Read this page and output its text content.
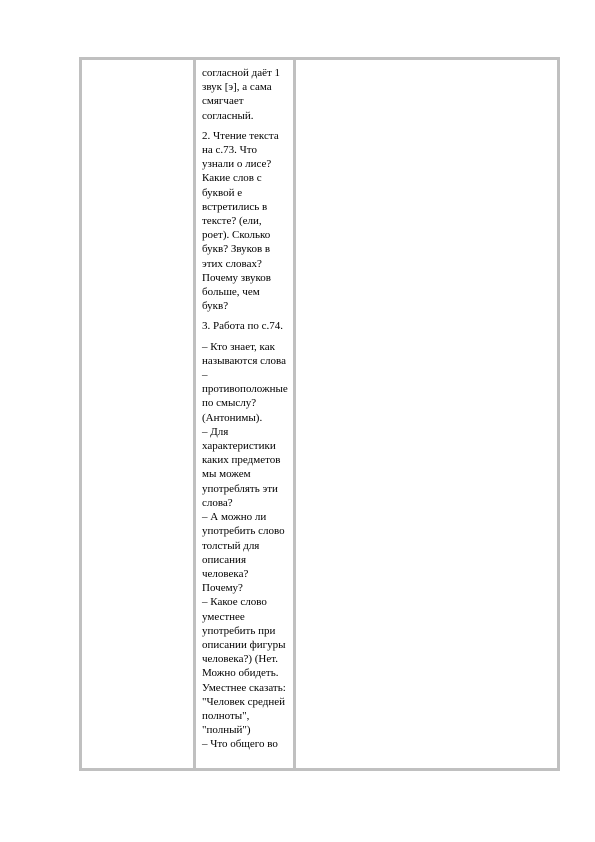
согласной даёт 1
звук [э], а сама
смягчает
согласный.
2. Чтение текста
на с.73. Что
узнали о лисе?
Какие слов с
буквой е
встретились в
тексте? (ели,
роет). Сколько
букв? Звуков в
этих словах?
Почему звуков
больше, чем
букв?
3. Работа по с.74.
– Кто знает, как
называются слова
–
противоположные
по смыслу?
(Антонимы).
– Для
характеристики
каких предметов
мы можем
употреблять эти
слова?
– А можно ли
употребить слово
толстый для
описания
человека?
Почему?
– Какое слово
уместнее
употребить при
описании фигуры
человека?) (Нет.
Можно обидеть.
Уместнее сказать:
"Человек средней
полноты",
"полный")
– Что общего во
